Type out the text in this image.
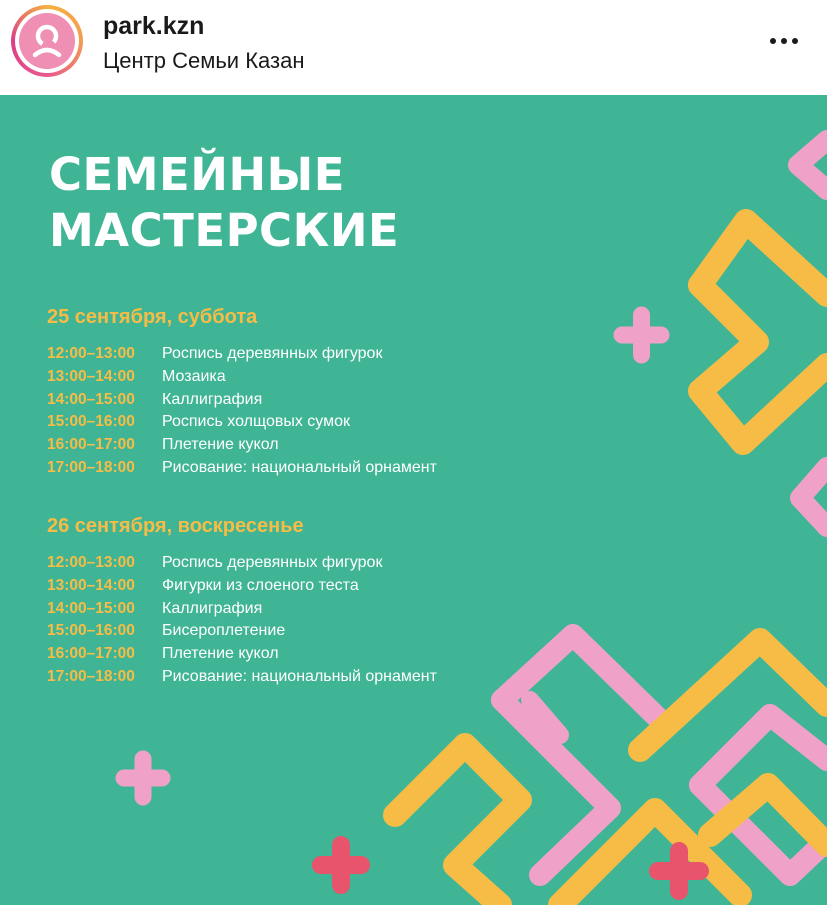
park.kzn
Центр Семьи Казан
СЕМЕЙНЫЕ
МАСТЕРСКИЕ
25 сентября, суббота
12:00–13:00 Роспись деревянных фигурок
13:00–14:00 Мозаика
14:00–15:00 Каллиграфия
15:00–16:00 Роспись холщовых сумок
16:00–17:00 Плетение кукол
17:00–18:00 Рисование: национальный орнамент
26 сентября, воскресенье
12:00–13:00 Роспись деревянных фигурок
13:00–14:00 Фигурки из слоеного теста
14:00–15:00 Каллиграфия
15:00–16:00 Бисероплетение
16:00–17:00 Плетение кукол
17:00–18:00 Рисование: национальный орнамент
